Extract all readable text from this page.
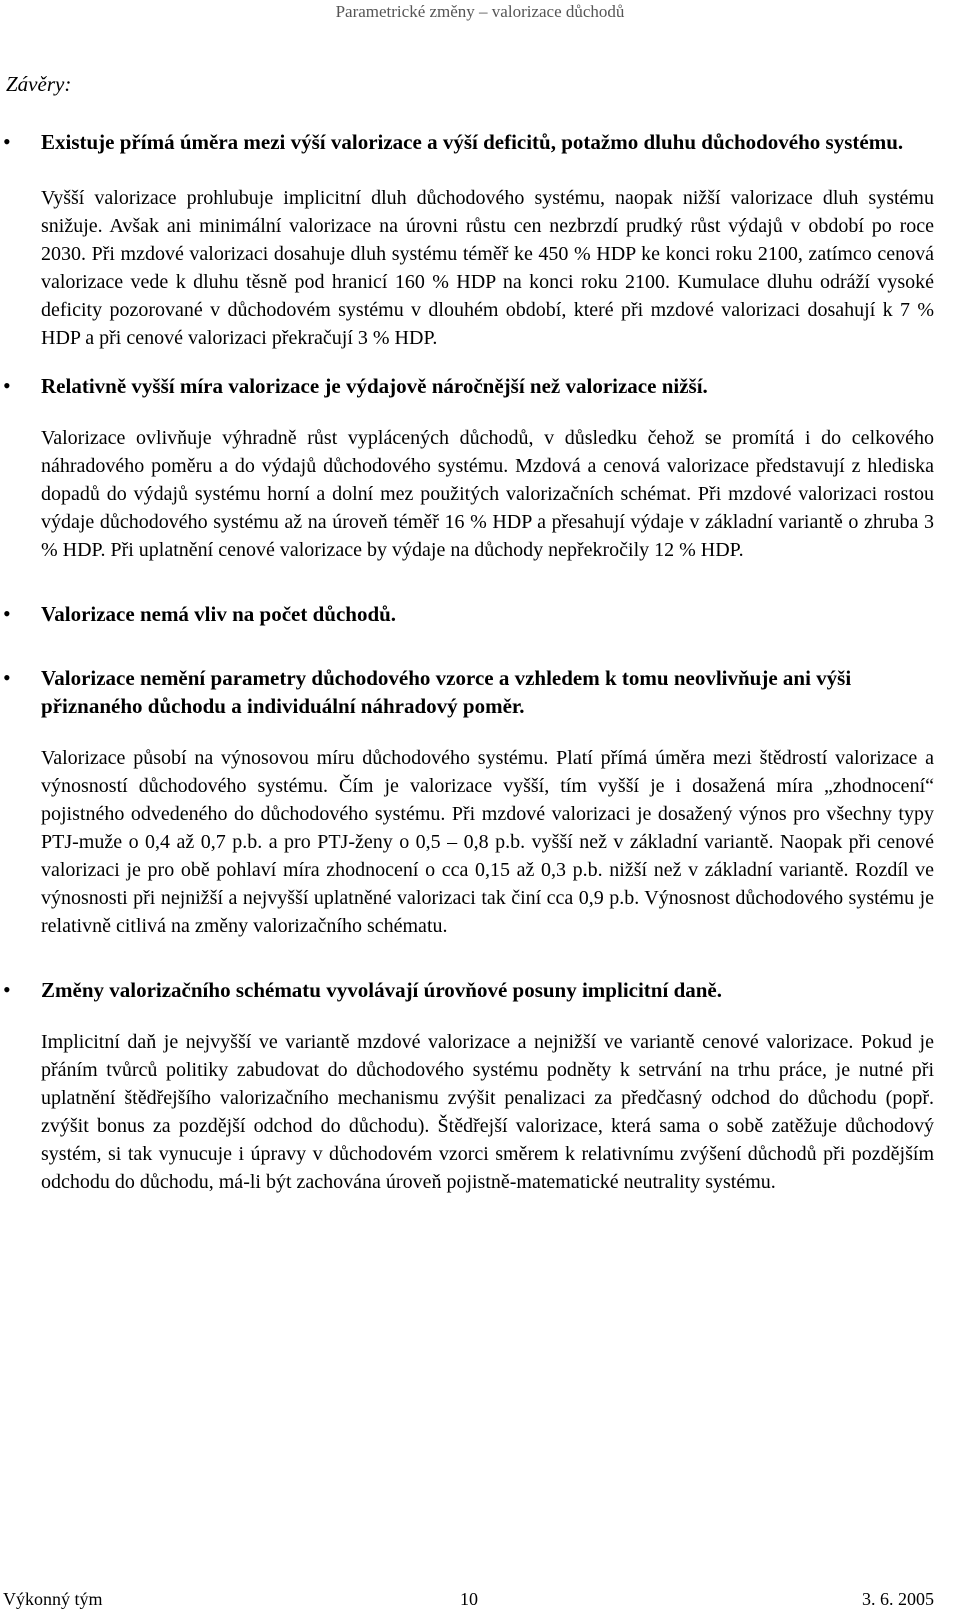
Parametrické změny – valorizace důchodů
Závěry:
• Existuje přímá úměra mezi výší valorizace a výší deficitů, potažmo dluhu důchodového systému.
Vyšší valorizace prohlubuje implicitní dluh důchodového systému, naopak nižší valorizace dluh systému snižuje. Avšak ani minimální valorizace na úrovni růstu cen nezbrzdí prudký růst výdajů v období po roce 2030. Při mzdové valorizaci dosahuje dluh systému téměř ke 450 % HDP ke konci roku 2100, zatímco cenová valorizace vede k dluhu těsně pod hranicí 160 % HDP na konci roku 2100. Kumulace dluhu odráží vysoké deficity pozorované v důchodovém systému v dlouhém období, které při mzdové valorizaci dosahují k 7 % HDP a při cenové valorizaci překračují 3 % HDP.
• Relativně vyšší míra valorizace je výdajově náročnější než valorizace nižší.
Valorizace ovlivňuje výhradně růst vyplácených důchodů, v důsledku čehož se promítá i do celkového náhradového poměru a do výdajů důchodového systému. Mzdová a cenová valorizace představují z hlediska dopadů do výdajů systému horní a dolní mez použitých valorizačních schémat. Při mzdové valorizaci rostou výdaje důchodového systému až na úroveň téměř 16 % HDP a přesahují výdaje v základní variantě o zhruba 3 % HDP. Při uplatnění cenové valorizace by výdaje na důchody nepřekročily 12 % HDP.
• Valorizace nemá vliv na počet důchodů.
• Valorizace nemění parametry důchodového vzorce a vzhledem k tomu neovlivňuje ani výši přiznaného důchodu a individuální náhradový poměr.
Valorizace působí na výnosovou míru důchodového systému. Platí přímá úměra mezi štědrostí valorizace a výnosností důchodového systému. Čím je valorizace vyšší, tím vyšší je i dosažená míra „zhodnocení“ pojistného odvedeného do důchodového systému. Při mzdové valorizaci je dosažený výnos pro všechny typy PTJ-muže o 0,4 až 0,7 p.b. a pro PTJ-ženy o 0,5 – 0,8 p.b. vyšší než v základní variantě. Naopak při cenové valorizaci je pro obě pohlaví míra zhodnocení o cca 0,15 až 0,3 p.b. nižší než v základní variantě. Rozdíl ve výnosnosti při nejnižší a nejvyšší uplatněné valorizaci tak činí cca 0,9 p.b. Výnosnost důchodového systému je relativně citlivá na změny valorizačního schématu.
• Změny valorizačního schématu vyvolávají úrovňové posuny implicitní daně.
Implicitní daň je nejvyšší ve variantě mzdové valorizace a nejnižší ve variantě cenové valorizace. Pokud je přáním tvůrců politiky zabudovat do důchodového systému podněty k setrvání na trhu práce, je nutné při uplatnění štědřejšího valorizačního mechanismu zvýšit penalizaci za předčasný odchod do důchodu (popř. zvýšit bonus za pozdější odchod do důchodu). Štědřejší valorizace, která sama o sobě zatěžuje důchodový systém, si tak vynucuje i úpravy v důchodovém vzorci směrem k relativnímu zvýšení důchodů při pozdějším odchodu do důchodu, má-li být zachována úroveň pojistně-matematické neutrality systému.
Výkonný tým	10	3. 6. 2005
